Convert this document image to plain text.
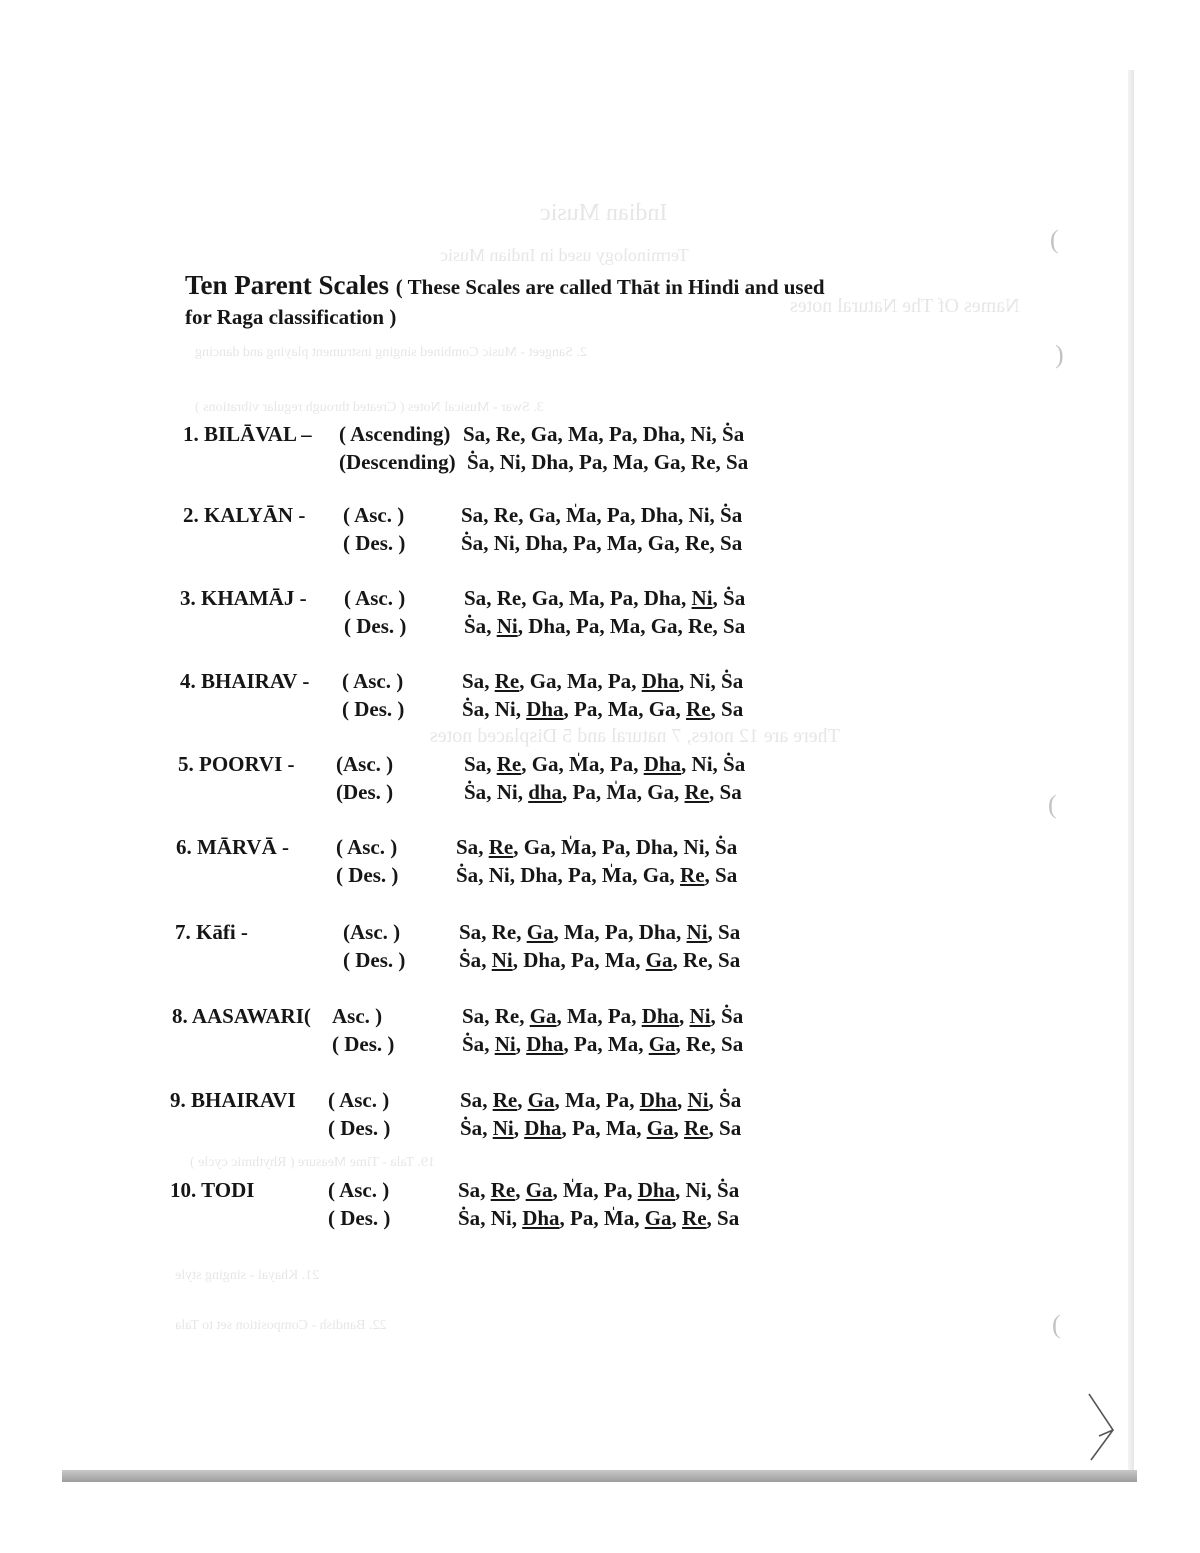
Indian Music
Terminology used in Indian Music
Names Of The Natural notes
2. Sangeet - Music Combined singing instrument playing and dancing
3. Swar - Musical Notes ( Created through regular vibrations )
There are 12 notes, 7 natural and 5 Displaced notes
19. Tala - Time Measure ( Rhythmic cycle )
21. Khayal - singing style
22. Bandish - Composition set to Tala
(
)
(
(
Ten Parent Scales ( These Scales are called Thāt in Hindi and used
for Raga classification )
1. BILĀVAL – ( Ascending) Sa, Re, Ga, Ma, Pa, Dha, Ni, Ṡa
(Descending) Ṡa, Ni, Dha, Pa, Ma, Ga, Re, Sa
2. KALYĀN - ( Asc. )	Sa, Re, Ga, M̍a, Pa, Dha, Ni, Ṡa
( Des. )	Ṡa, Ni, Dha, Pa, Ma, Ga, Re, Sa
3. KHAMĀJ - ( Asc. )	Sa, Re, Ga, Ma, Pa, Dha, Ni, Ṡa
( Des. )	Ṡa, Ni, Dha, Pa, Ma, Ga, Re, Sa
4. BHAIRAV - ( Asc. )	Sa, Re, Ga, Ma, Pa, Dha, Ni, Ṡa
( Des. )	Ṡa, Ni, Dha, Pa, Ma, Ga, Re, Sa
5. POORVI - (Asc. )	Sa, Re, Ga, M̍a, Pa, Dha, Ni, Ṡa
(Des. )	Ṡa, Ni, dha, Pa, M̍a, Ga, Re, Sa
6. MĀRVĀ - ( Asc. )	Sa, Re, Ga, M̍a, Pa, Dha, Ni, Ṡa
( Des. )	Ṡa, Ni, Dha, Pa, M̍a, Ga, Re, Sa
7. Kāfi -	(Asc. )	Sa, Re, Ga, Ma, Pa, Dha, Ni, Sa
( Des. )	Ṡa, Ni, Dha, Pa, Ma, Ga, Re, Sa
8. AASAWARI( Asc. )	Sa, Re, Ga, Ma, Pa, Dha, Ni, Ṡa
( Des. )	Ṡa, Ni, Dha, Pa, Ma, Ga, Re, Sa
9. BHAIRAVI ( Asc. )	Sa, Re, Ga, Ma, Pa, Dha, Ni, Ṡa
( Des. )	Ṡa, Ni, Dha, Pa, Ma, Ga, Re, Sa
10. TODI	( Asc. )	Sa, Re, Ga, M̍a, Pa, Dha, Ni, Ṡa
( Des. )	Ṡa, Ni, Dha, Pa, M̍a, Ga, Re, Sa
